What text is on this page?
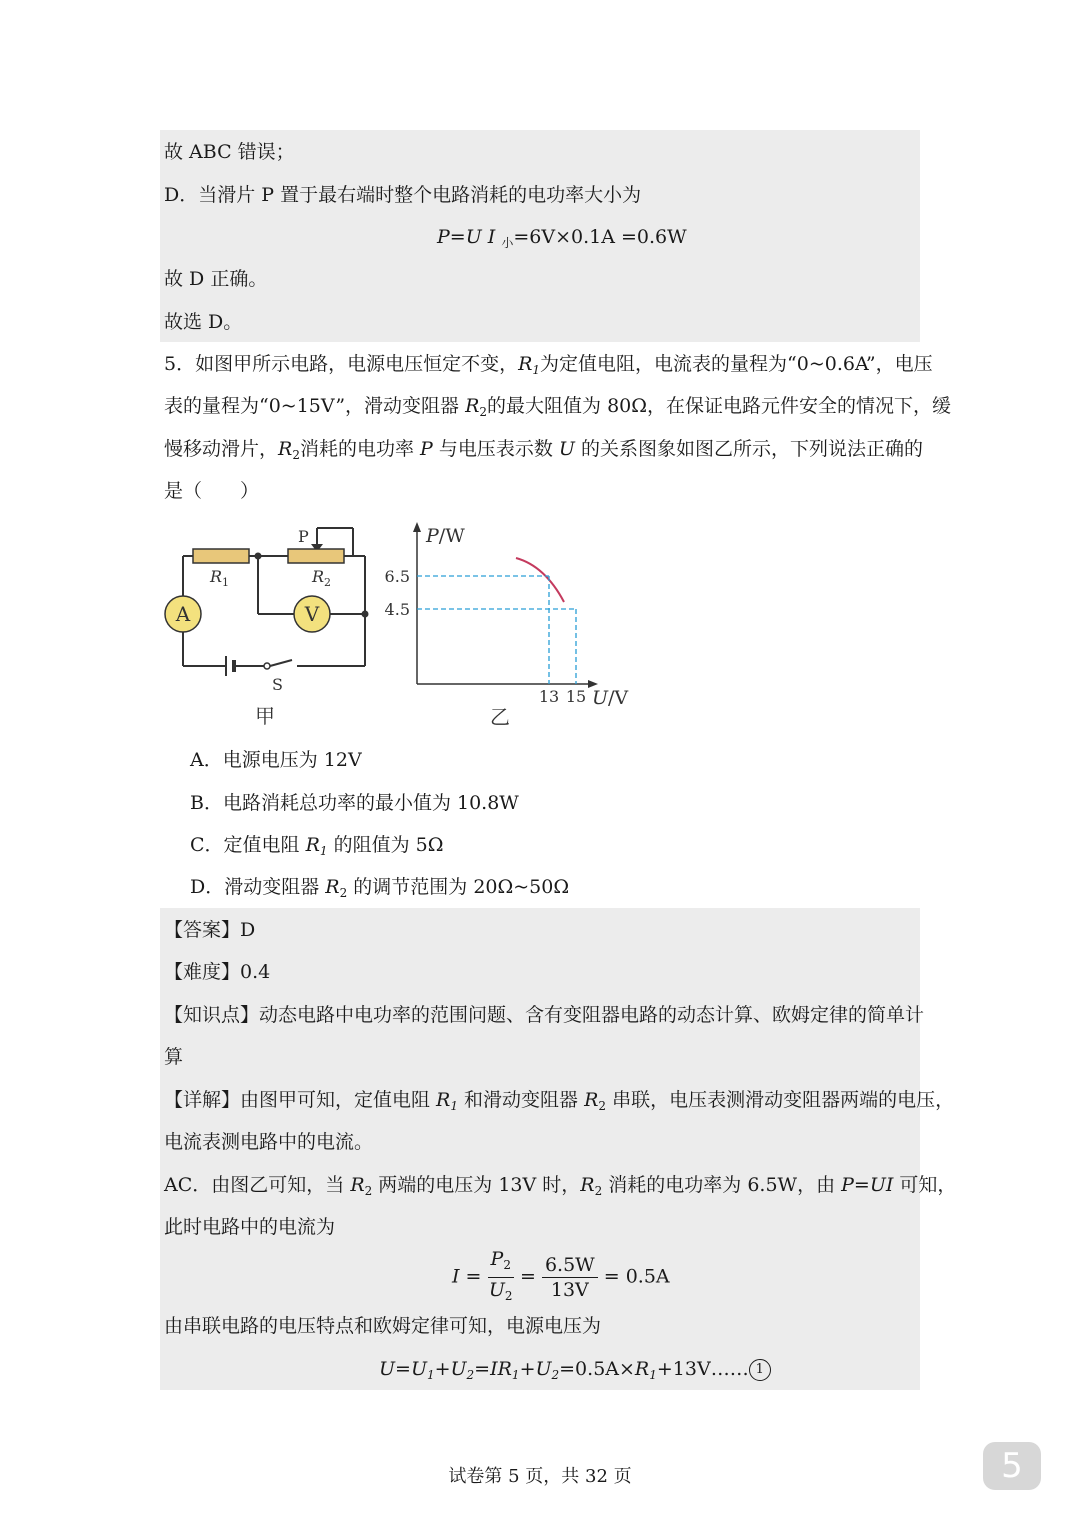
故 ABC 错误；
D．当滑片 P 置于最右端时整个电路消耗的电功率大小为
P=U I $_小$=6V×0.1A =0.6W
故 D 正确。
故选 D。
5．如图甲所示电路，电源电压恒定不变，$R_1$为定值电阻，电流表的量程为“0~0.6A”，电压
表的量程为“0~15V”，滑动变阻器 $R_2$的最大阻值为 80Ω，在保证电路元件安全的情况下，缓
慢移动滑片，$R_2$消耗的电功率 P 与电压表示数 U 的关系图象如图乙所示，下列说法正确的
是（　　）
A	V
P
$R_1$	$R_2$
S
甲
P/W
6.5
4.5
13 15 U/V
乙
A．电源电压为 12V
B．电路消耗总功率的最小值为 10.8W
C．定值电阻 $R_1$ 的阻值为 5Ω
D．滑动变阻器 $R_2$ 的调节范围为 20Ω~50Ω
【答案】D
【难度】0.4
【知识点】动态电路中电功率的范围问题、含有变阻器电路的动态计算、欧姆定律的简单计
算
【详解】由图甲可知，定值电阻 $R_1$ 和滑动变阻器 $R_2$ 串联，电压表测滑动变阻器两端的电压，
电流表测电路中的电流。
AC．由图乙可知，当 $R_2$ 两端的电压为 13V 时，$R_2$ 消耗的电功率为 6.5W，由 P=UI 可知，
此时电路中的电流为
$I = \frac{P_2}{U_2} = \frac{6.5W}{13V} = 0.5A$
由串联电路的电压特点和欧姆定律可知，电源电压为
$U=U_1+U_2=IR_1+U_2=0.5A\times R_1+13V\dots\dots$ 1
试卷第 5 页，共 32 页	5
